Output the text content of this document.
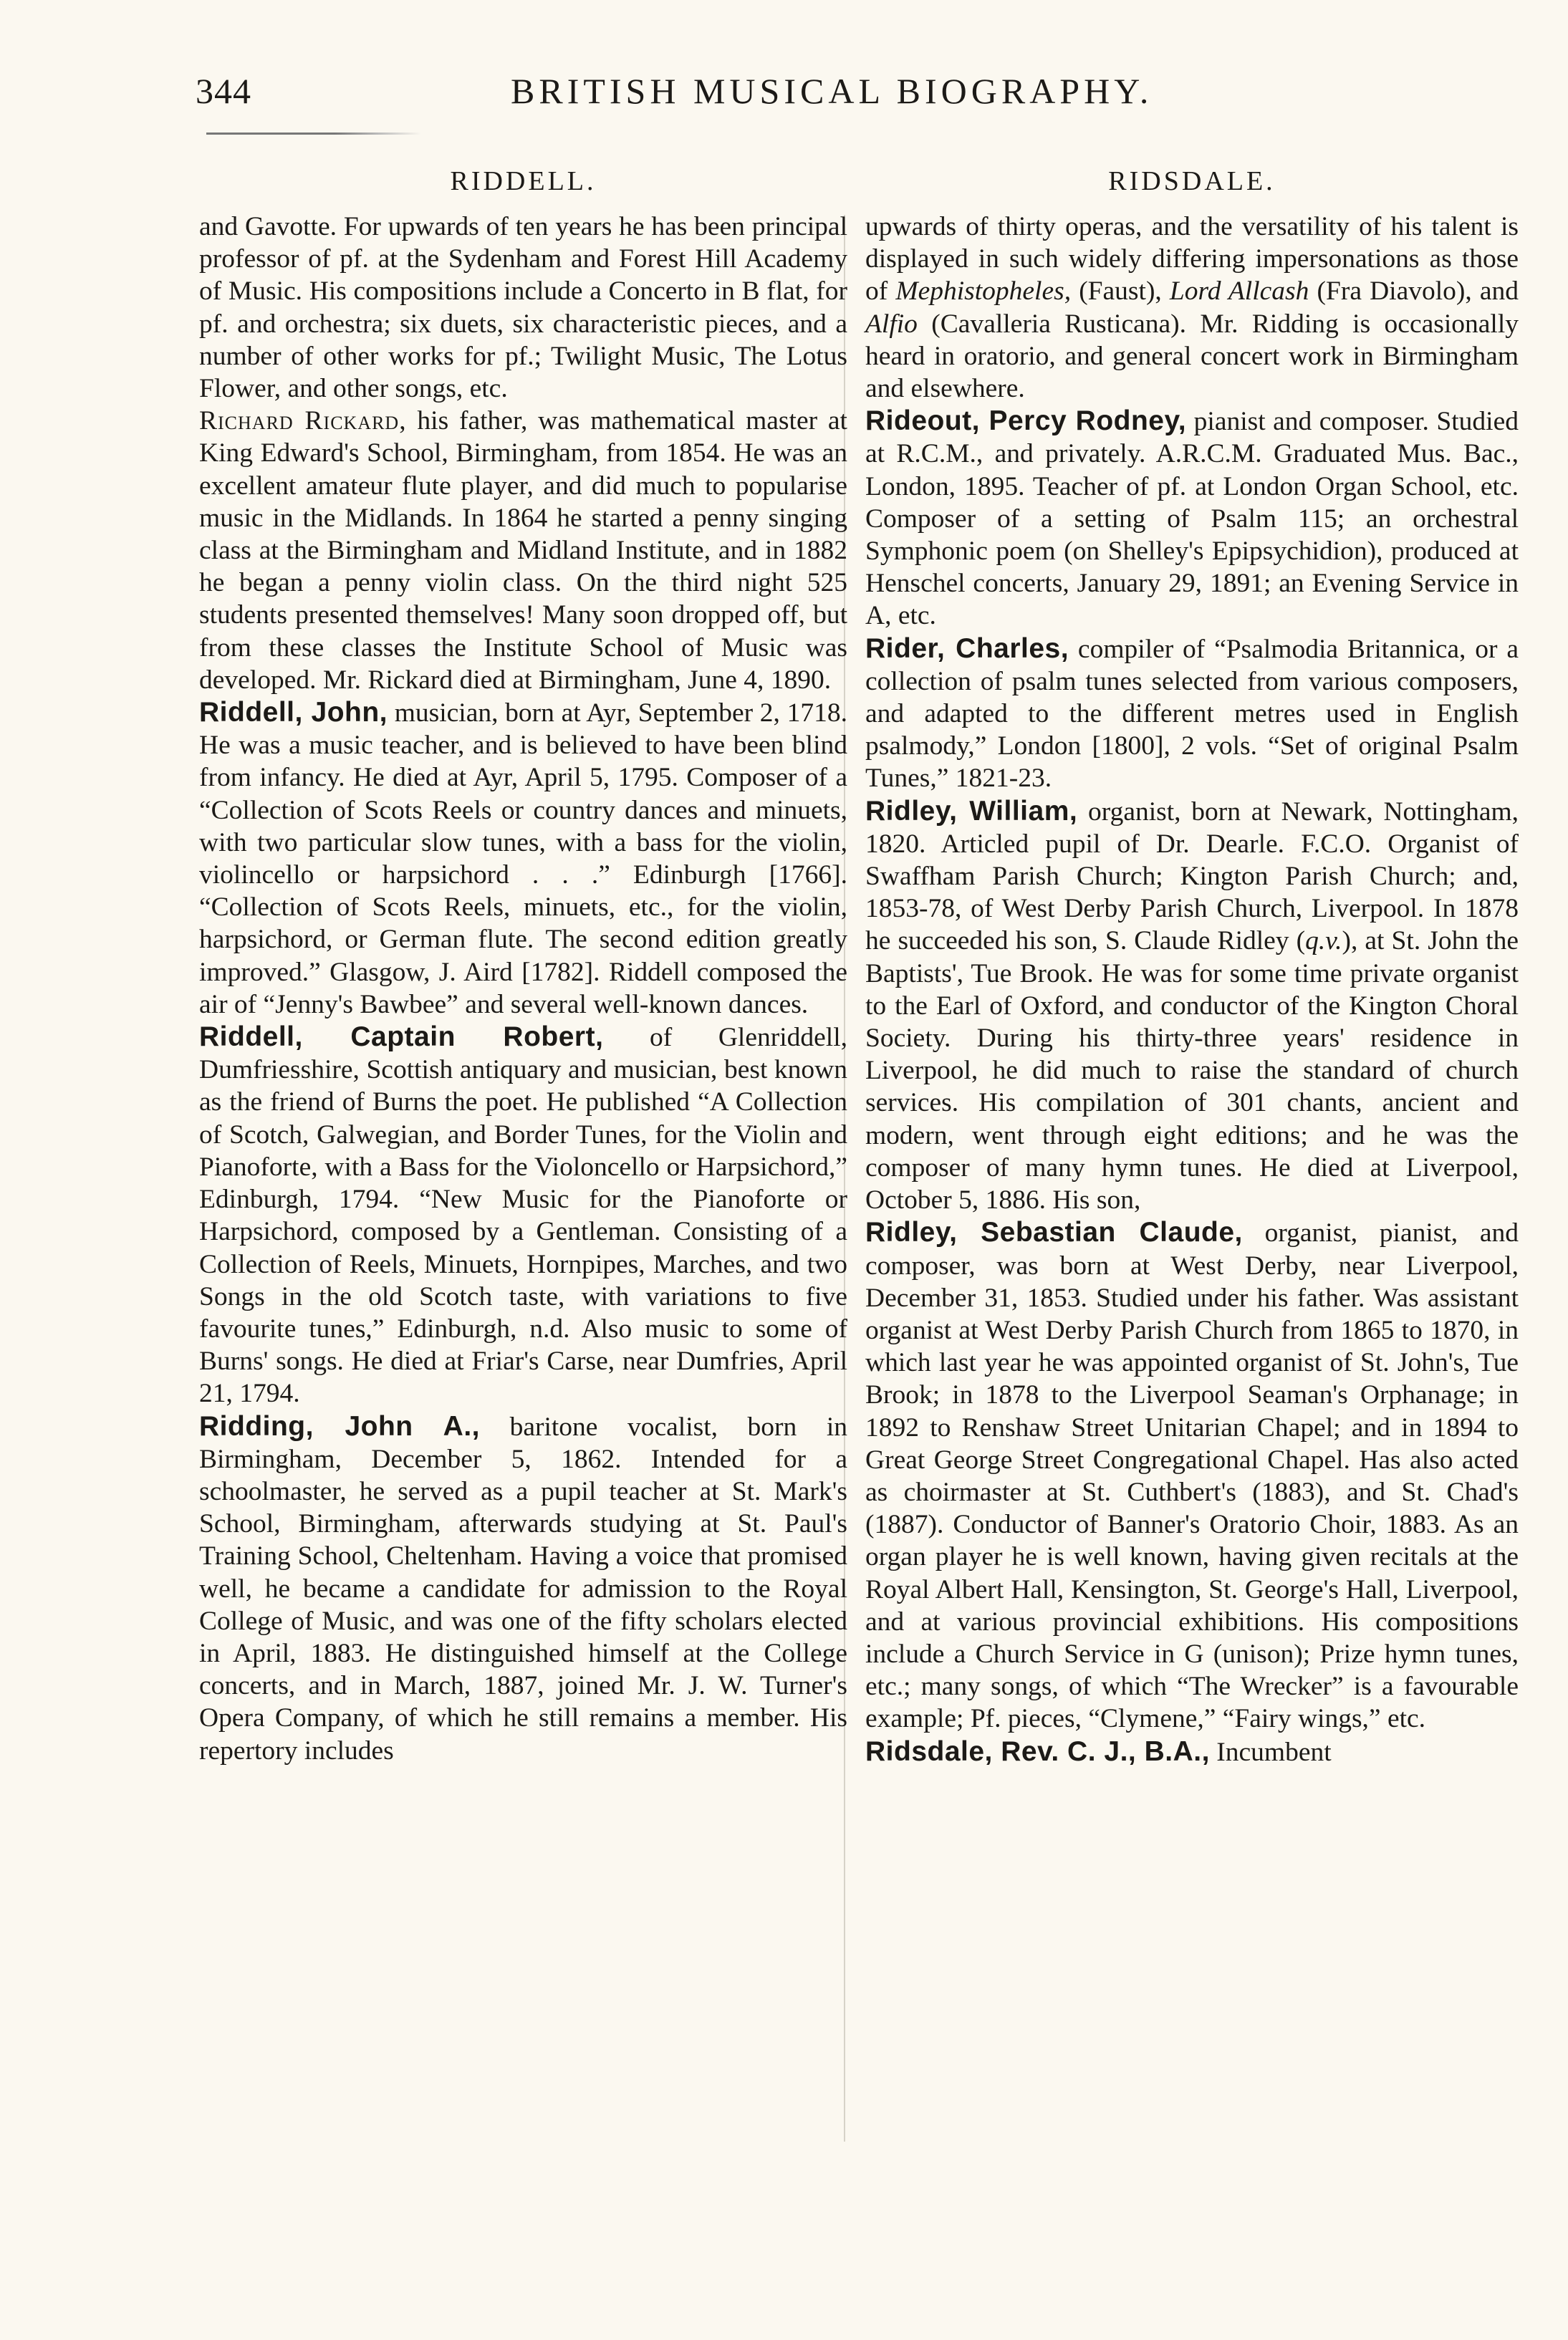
344	BRITISH MUSICAL BIOGRAPHY.
RIDDELL.

and Gavotte. For upwards of ten years he has been principal professor of pf. at the Sydenham and Forest Hill Academy of Music. His compositions include a Concerto in B flat, for pf. and orchestra; six duets, six characteristic pieces, and a number of other works for pf.; Twilight Music, The Lotus Flower, and other songs, etc.

Richard Rickard, his father, was mathematical master at King Edward's School, Birmingham, from 1854. He was an excellent amateur flute player, and did much to popularise music in the Midlands. In 1864 he started a penny singing class at the Birmingham and Midland Institute, and in 1882 he began a penny violin class. On the third night 525 students presented themselves! Many soon dropped off, but from these classes the Institute School of Music was developed. Mr. Rickard died at Birmingham, June 4, 1890.

Riddell, John, musician, born at Ayr, September 2, 1718. He was a music teacher, and is believed to have been blind from infancy. He died at Ayr, April 5, 1795. Composer of a “Collection of Scots Reels or country dances and minuets, with two particular slow tunes, with a bass for the violin, violincello or harpsichord . . .” Edinburgh [1766]. “Collection of Scots Reels, minuets, etc., for the violin, harpsichord, or German flute. The second edition greatly improved.” Glasgow, J. Aird [1782]. Riddell composed the air of “Jenny's Bawbee” and several well-known dances.

Riddell, Captain Robert, of Glenriddell, Dumfriesshire, Scottish antiquary and musician, best known as the friend of Burns the poet. He published “A Collection of Scotch, Galwegian, and Border Tunes, for the Violin and Pianoforte, with a Bass for the Violoncello or Harpsichord,” Edinburgh, 1794. “New Music for the Pianoforte or Harpsichord, composed by a Gentleman. Consisting of a Collection of Reels, Minuets, Hornpipes, Marches, and two Songs in the old Scotch taste, with variations to five favourite tunes,” Edinburgh, n.d. Also music to some of Burns' songs. He died at Friar's Carse, near Dumfries, April 21, 1794.

Ridding, John A., baritone vocalist, born in Birmingham, December 5, 1862. Intended for a schoolmaster, he served as a pupil teacher at St. Mark's School, Birmingham, afterwards studying at St. Paul's Training School, Cheltenham. Having a voice that promised well, he became a candidate for admission to the Royal College of Music, and was one of the fifty scholars elected in April, 1883. He distinguished himself at the College concerts, and in March, 1887, joined Mr. J. W. Turner's Opera Company, of which he still remains a member. His repertory includes

RIDSDALE.

upwards of thirty operas, and the versatility of his talent is displayed in such widely differing impersonations as those of Mephistopheles, (Faust), Lord Allcash (Fra Diavolo), and Alfio (Cavalleria Rusticana). Mr. Ridding is occasionally heard in oratorio, and general concert work in Birmingham and elsewhere.

Rideout, Percy Rodney, pianist and composer. Studied at R.C.M., and privately. A.R.C.M. Graduated Mus. Bac., London, 1895. Teacher of pf. at London Organ School, etc. Composer of a setting of Psalm 115; an orchestral Symphonic poem (on Shelley's Epipsychidion), produced at Henschel concerts, January 29, 1891; an Evening Service in A, etc.

Rider, Charles, compiler of “Psalmodia Britannica, or a collection of psalm tunes selected from various composers, and adapted to the different metres used in English psalmody,” London [1800], 2 vols. “Set of original Psalm Tunes,” 1821-23.

Ridley, William, organist, born at Newark, Nottingham, 1820. Articled pupil of Dr. Dearle. F.C.O. Organist of Swaffham Parish Church; Kington Parish Church; and, 1853-78, of West Derby Parish Church, Liverpool. In 1878 he succeeded his son, S. Claude Ridley (q.v.), at St. John the Baptists', Tue Brook. He was for some time private organist to the Earl of Oxford, and conductor of the Kington Choral Society. During his thirty-three years' residence in Liverpool, he did much to raise the standard of church services. His compilation of 301 chants, ancient and modern, went through eight editions; and he was the composer of many hymn tunes. He died at Liverpool, October 5, 1886. His son,

Ridley, Sebastian Claude, organist, pianist, and composer, was born at West Derby, near Liverpool, December 31, 1853. Studied under his father. Was assistant organist at West Derby Parish Church from 1865 to 1870, in which last year he was appointed organist of St. John's, Tue Brook; in 1878 to the Liverpool Seaman's Orphanage; in 1892 to Renshaw Street Unitarian Chapel; and in 1894 to Great George Street Congregational Chapel. Has also acted as choirmaster at St. Cuthbert's (1883), and St. Chad's (1887). Conductor of Banner's Oratorio Choir, 1883. As an organ player he is well known, having given recitals at the Royal Albert Hall, Kensington, St. George's Hall, Liverpool, and at various provincial exhibitions. His compositions include a Church Service in G (unison); Prize hymn tunes, etc.; many songs, of which “The Wrecker” is a favourable example; Pf. pieces, “Clymene,” “Fairy wings,” etc.

Ridsdale, Rev. C. J., B.A., Incumbent
